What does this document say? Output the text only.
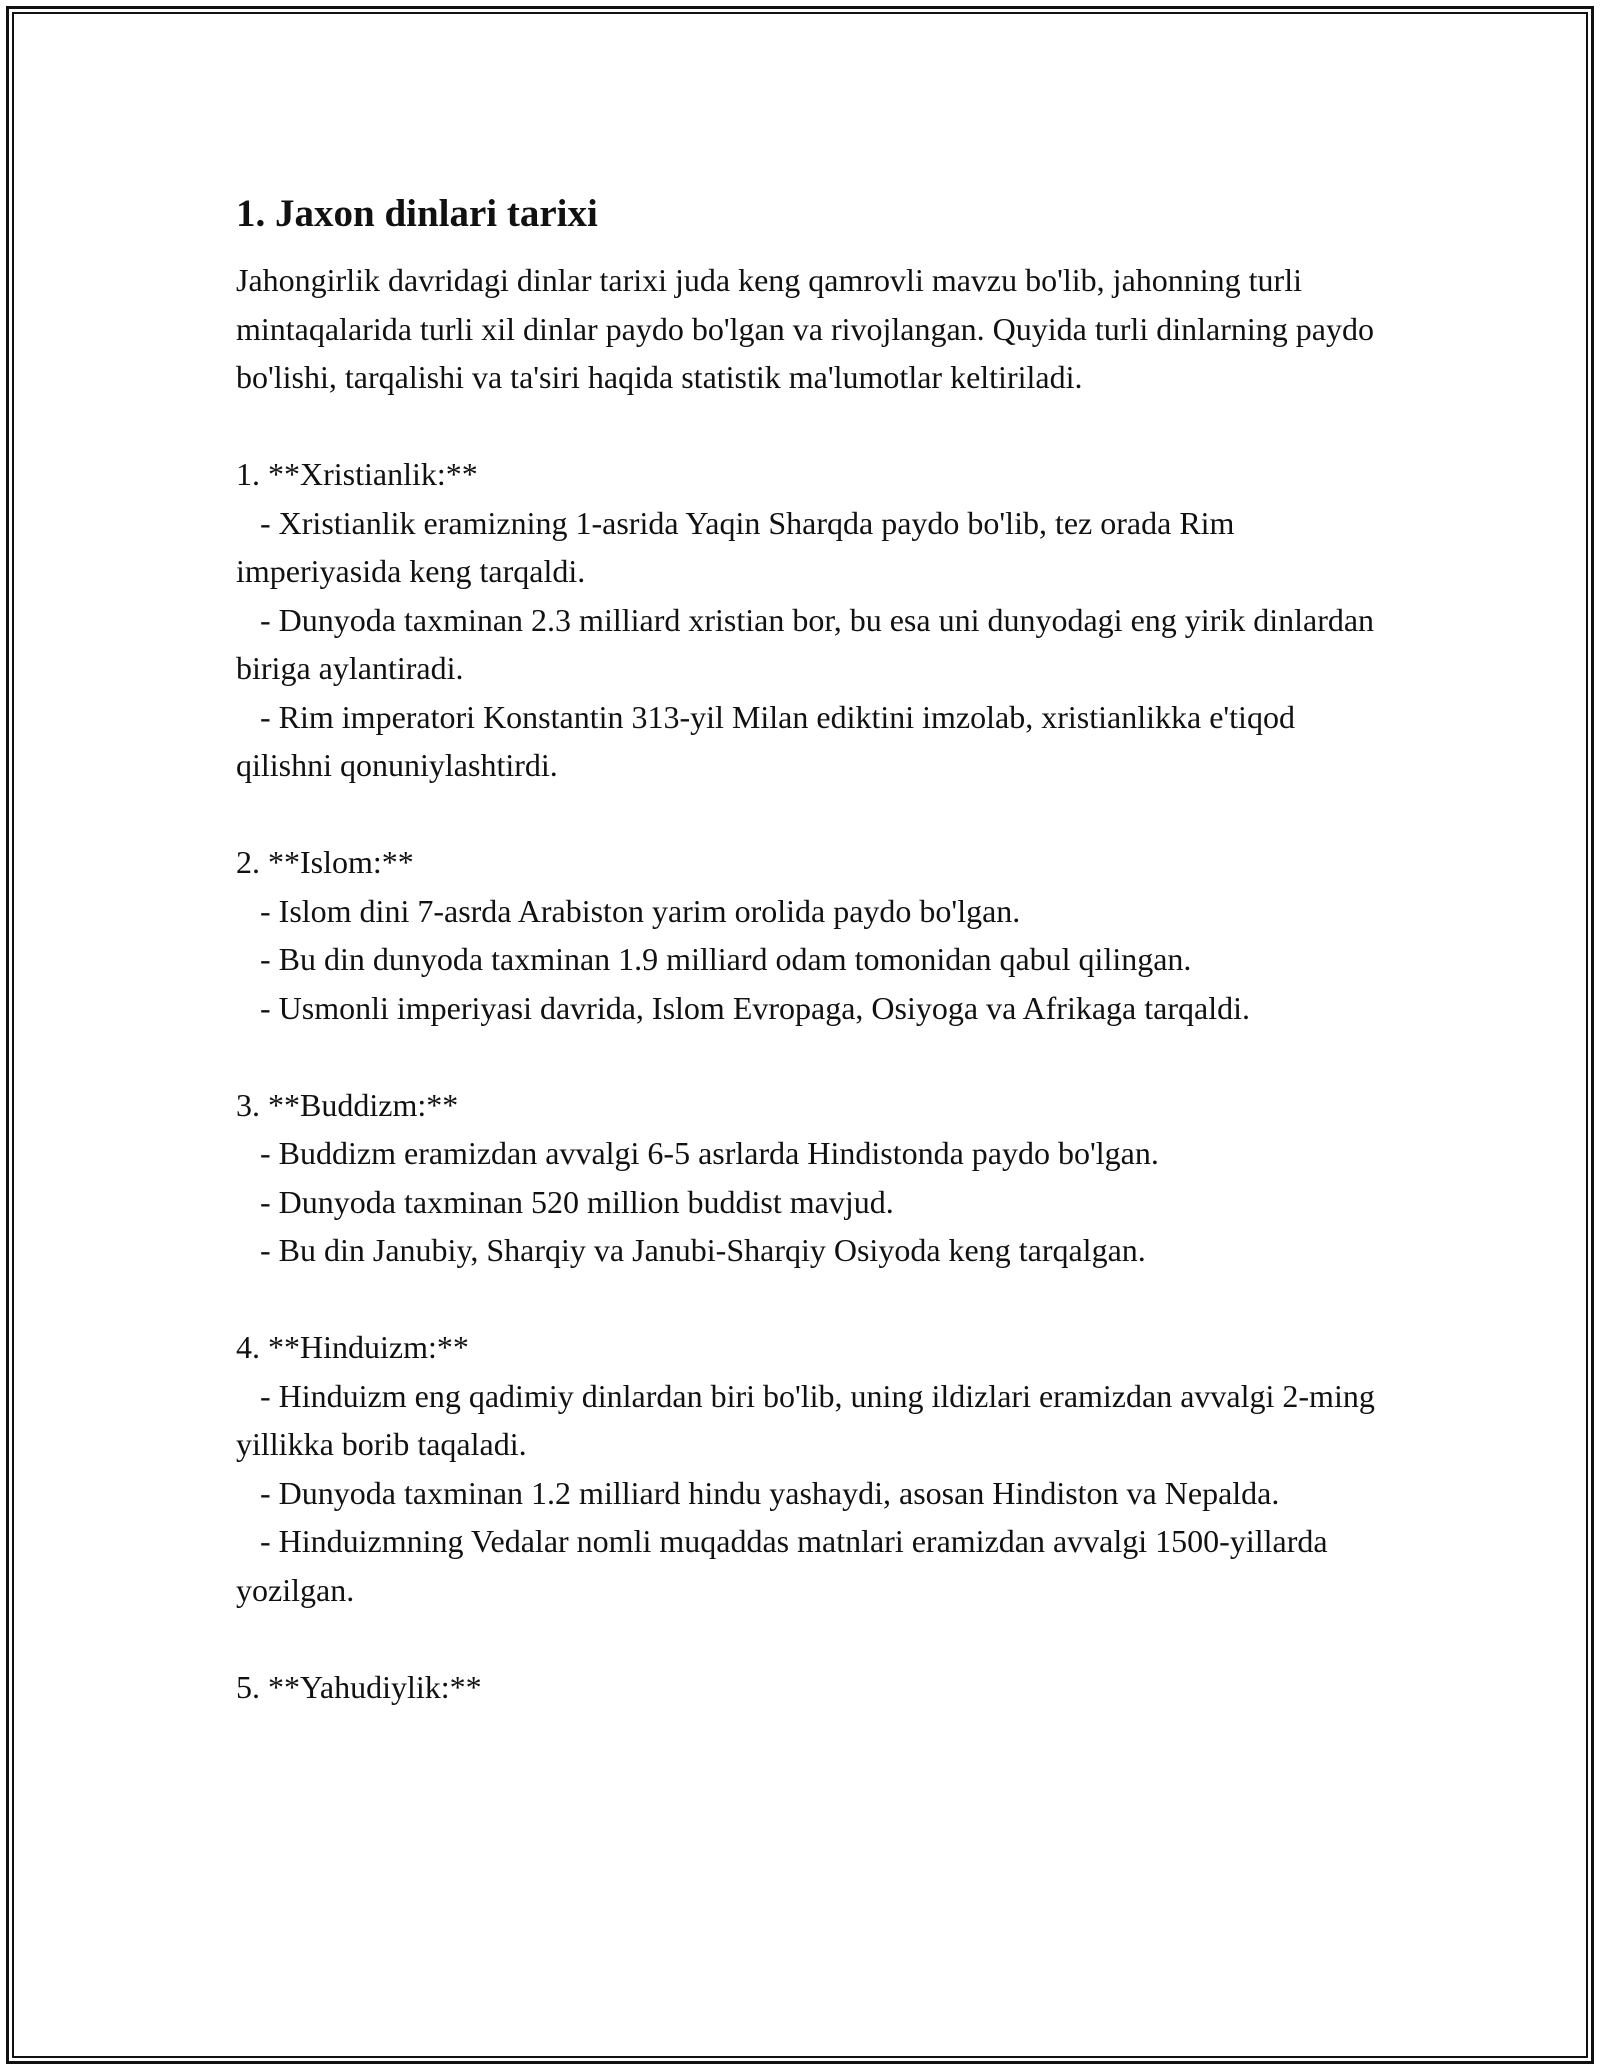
1. Jaxon dinlari tarixi

Jahongirlik davridagi dinlar tarixi juda keng qamrovli mavzu bo'lib, jahonning turli mintaqalarida turli xil dinlar paydo bo'lgan va rivojlangan. Quyida turli dinlarning paydo bo'lishi, tarqalishi va ta'siri haqida statistik ma'lumotlar keltiriladi.

1. **Xristianlik:**

- Xristianlik eramizning 1-asrida Yaqin Sharqda paydo bo'lib, tez orada Rim imperiyasida keng tarqaldi.

- Dunyoda taxminan 2.3 milliard xristian bor, bu esa uni dunyodagi eng yirik dinlardan biriga aylantiradi.

- Rim imperatori Konstantin 313-yil Milan ediktini imzolab, xristianlikka e'tiqod qilishni qonuniylashtirdi.

2. **Islom:**

- Islom dini 7-asrda Arabiston yarim orolida paydo bo'lgan.

- Bu din dunyoda taxminan 1.9 milliard odam tomonidan qabul qilingan.

- Usmonli imperiyasi davrida, Islom Evropaga, Osiyoga va Afrikaga tarqaldi.

3. **Buddizm:**

- Buddizm eramizdan avvalgi 6-5 asrlarda Hindistonda paydo bo'lgan.

- Dunyoda taxminan 520 million buddist mavjud.

- Bu din Janubiy, Sharqiy va Janubi-Sharqiy Osiyoda keng tarqalgan.

4. **Hinduizm:**

- Hinduizm eng qadimiy dinlardan biri bo'lib, uning ildizlari eramizdan avvalgi 2-ming yillikka borib taqaladi.

- Dunyoda taxminan 1.2 milliard hindu yashaydi, asosan Hindiston va Nepalda.

- Hinduizmning Vedalar nomli muqaddas matnlari eramizdan avvalgi 1500-yillarda yozilgan.

5. **Yahudiylik:**
